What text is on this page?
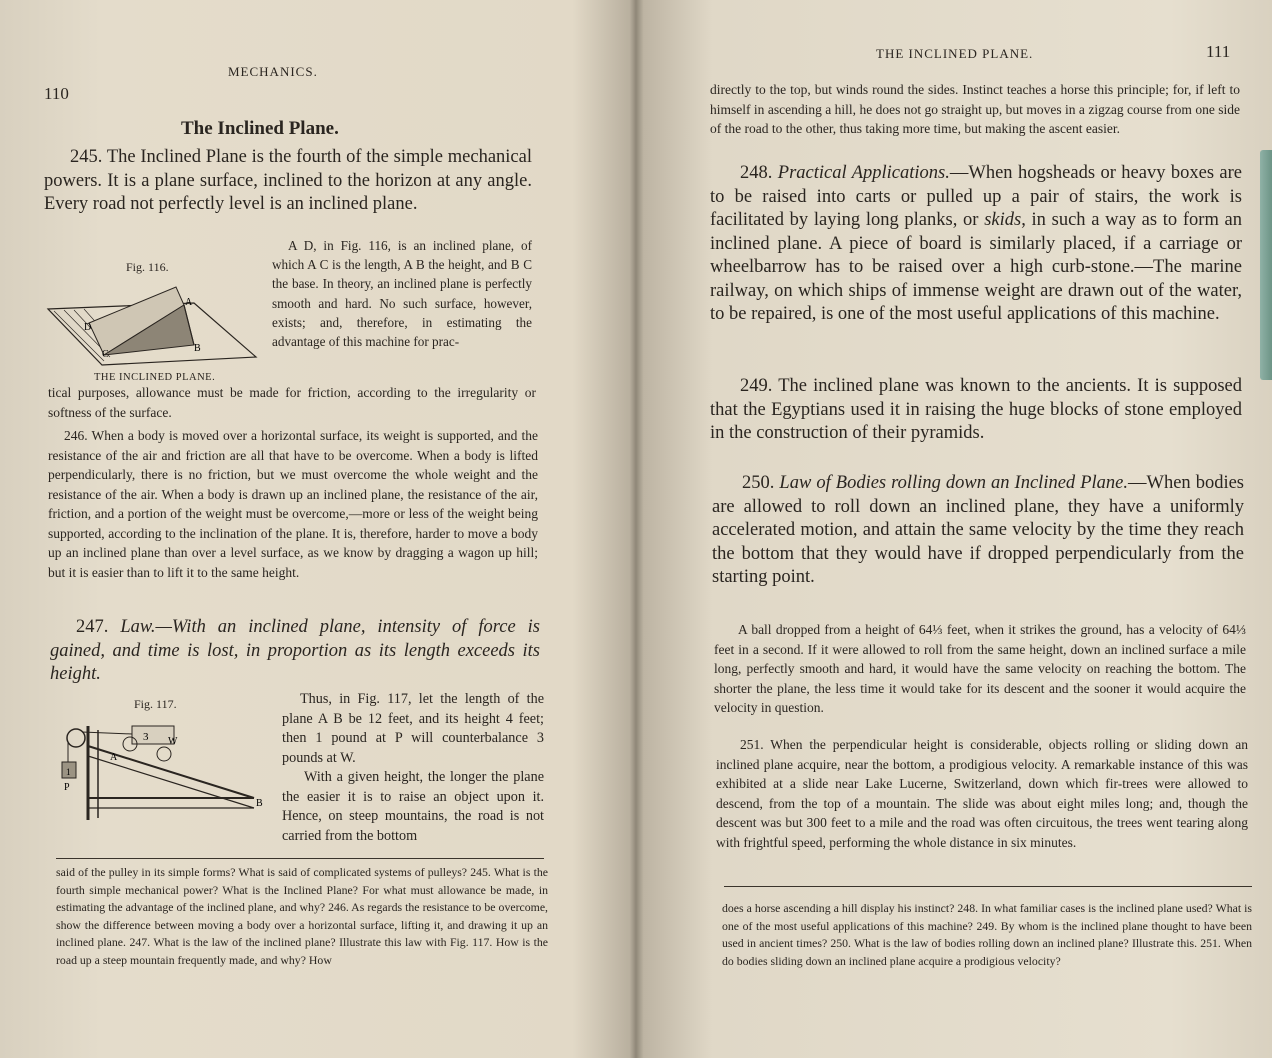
110
MECHANICS.
The Inclined Plane.

245. The Inclined Plane is the fourth of the simple mechanical powers. It is a plane surface, inclined to the horizon at any angle. Every road not perfectly level is an inclined plane.

Fig. 116.
A
D
C
B
THE INCLINED PLANE.

A D, in Fig. 116, is an inclined plane, of which A C is the length, A B the height, and B C the base. In theory, an inclined plane is perfectly smooth and hard. No such surface, however, exists; and, therefore, in estimating the advantage of this machine for prac-

tical purposes, allowance must be made for friction, according to the irregularity or softness of the surface.

246. When a body is moved over a horizontal surface, its weight is supported, and the resistance of the air and friction are all that have to be overcome. When a body is lifted perpendicularly, there is no friction, but we must overcome the whole weight and the resistance of the air. When a body is drawn up an inclined plane, the resistance of the air, friction, and a portion of the weight must be overcome,—more or less of the weight being supported, according to the inclination of the plane. It is, therefore, harder to move a body up an inclined plane than over a level surface, as we know by dragging a wagon up hill; but it is easier than to lift it to the same height.

247. Law.—With an inclined plane, intensity of force is gained, and time is lost, in proportion as its length exceeds its height.

Fig. 117.
3 W
A
1
P
B

Thus, in Fig. 117, let the length of the plane A B be 12 feet, and its height 4 feet; then 1 pound at P will counterbalance 3 pounds at W.

With a given height, the longer the plane the easier it is to raise an object upon it. Hence, on steep mountains, the road is not carried from the bottom

said of the pulley in its simple forms? What is said of complicated systems of pulleys? 245. What is the fourth simple mechanical power? What is the Inclined Plane? For what must allowance be made, in estimating the advantage of the inclined plane, and why? 246. As regards the resistance to be overcome, show the difference between moving a body over a horizontal surface, lifting it, and drawing it up an inclined plane. 247. What is the law of the inclined plane? Illustrate this law with Fig. 117. How is the road up a steep mountain frequently made, and why? How

THE INCLINED PLANE.	111

directly to the top, but winds round the sides. Instinct teaches a horse this principle; for, if left to himself in ascending a hill, he does not go straight up, but moves in a zigzag course from one side of the road to the other, thus taking more time, but making the ascent easier.

248. Practical Applications.—When hogsheads or heavy boxes are to be raised into carts or pulled up a pair of stairs, the work is facilitated by laying long planks, or skids, in such a way as to form an inclined plane. A piece of board is similarly placed, if a carriage or wheelbarrow has to be raised over a high curb-stone.—The marine railway, on which ships of immense weight are drawn out of the water, to be repaired, is one of the most useful applications of this machine.

249. The inclined plane was known to the ancients. It is supposed that the Egyptians used it in raising the huge blocks of stone employed in the construction of their pyramids.

250. Law of Bodies rolling down an Inclined Plane.—When bodies are allowed to roll down an inclined plane, they have a uniformly accelerated motion, and attain the same velocity by the time they reach the bottom that they would have if dropped perpendicularly from the starting point.

A ball dropped from a height of 64⅓ feet, when it strikes the ground, has a velocity of 64⅓ feet in a second. If it were allowed to roll from the same height, down an inclined surface a mile long, perfectly smooth and hard, it would have the same velocity on reaching the bottom. The shorter the plane, the less time it would take for its descent and the sooner it would acquire the velocity in question.

251. When the perpendicular height is considerable, objects rolling or sliding down an inclined plane acquire, near the bottom, a prodigious velocity. A remarkable instance of this was exhibited at a slide near Lake Lucerne, Switzerland, down which fir-trees were allowed to descend, from the top of a mountain. The slide was about eight miles long; and, though the descent was but 300 feet to a mile and the road was often circuitous, the trees went tearing along with frightful speed, performing the whole distance in six minutes.

does a horse ascending a hill display his instinct? 248. In what familiar cases is the inclined plane used? What is one of the most useful applications of this machine? 249. By whom is the inclined plane thought to have been used in ancient times? 250. What is the law of bodies rolling down an inclined plane? Illustrate this. 251. When do bodies sliding down an inclined plane acquire a prodigious velocity?
